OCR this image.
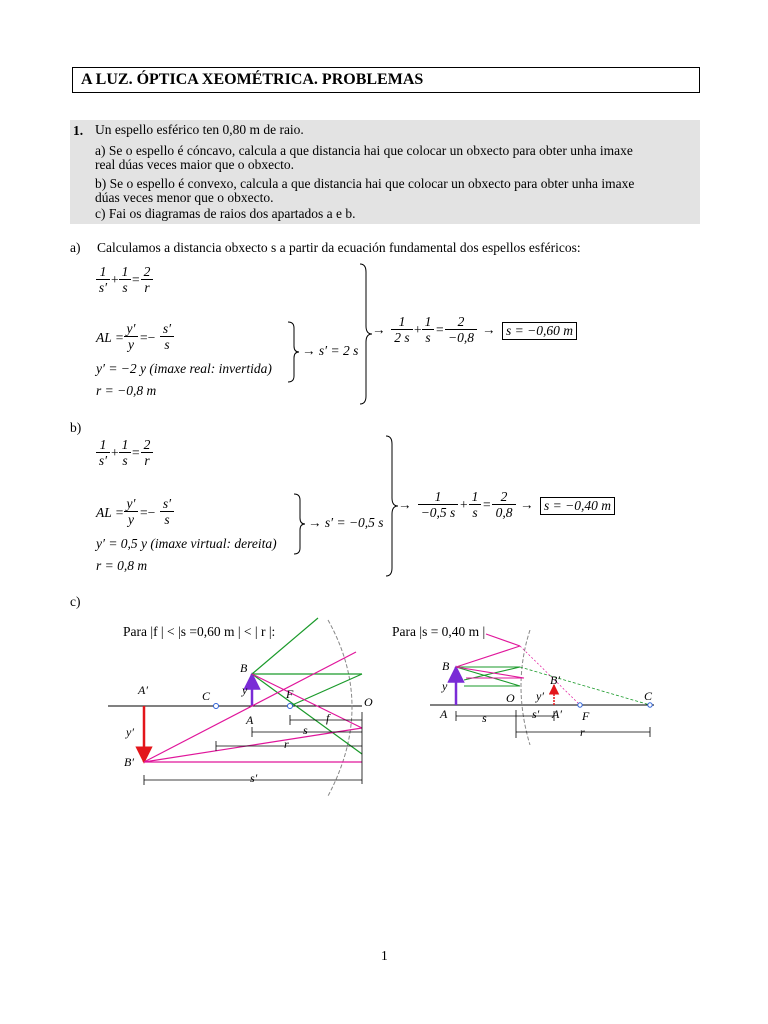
A LUZ. ÓPTICA XEOMÉTRICA. PROBLEMAS
1. Un espello esférico ten 0,80 m de raio.
a) Se o espello é cóncavo, calcula a que distancia hai que colocar un obxecto para obter unha imaxe
real dúas veces maior que o obxecto.
b) Se o espello é convexo, calcula a que distancia hai que colocar un obxecto para obter unha imaxe
dúas veces menor que o obxecto.
c) Fai os diagramas de raios dos apartados a e b.
a) Calculamos a distancia obxecto s a partir da ecuación fundamental dos espellos esféricos:
$\frac{1}{s'} + \frac{1}{s} = \frac{2}{r}$
AL = $\frac{y'}{y} =- \frac{s'}{s}$
y′ = −2 y (imaxe real: invertida)
r = −0,8 m
→ s′ = 2 s
→ $\frac{1}{2 s} + \frac{1}{s} = \frac{2}{-0,8} \to s = -0,60$ m
b)
$\frac{1}{s'} + \frac{1}{s} = \frac{2}{r}$
AL = $\frac{y'}{y} =- \frac{s'}{s}$
y′ = 0,5 y (imaxe virtual: dereita)
r = 0,8 m
→ s′ = −0,5 s
→ $\frac{1}{-0,5 s} + \frac{1}{s} = \frac{2}{0,8} \to s = -0,40$ m
c)
Para |f | < |s =0,60 m | < | r |:	Para |s = 0,40 m |
B
A′	C	y	F
O
A
y′
B′
f
s
r
s′
B
y
A
B′
O y′
s	s′ A′ F
C
r
1
